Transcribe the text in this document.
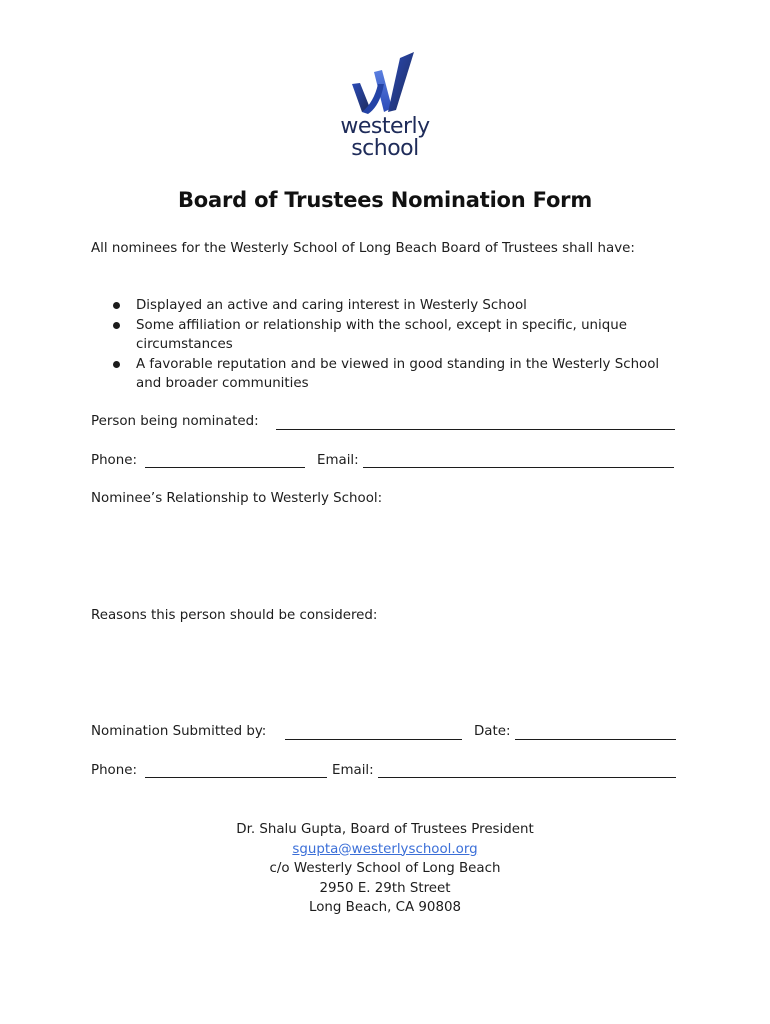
westerly
school
Board of Trustees Nomination Form
All nominees for the Westerly School of Long Beach Board of Trustees shall have:
Displayed an active and caring interest in Westerly School
Some affiliation or relationship with the school, except in specific, unique circumstances
A favorable reputation and be viewed in good standing in the Westerly School and broader communities
Person being nominated:
Phone:	Email:
Nominee’s Relationship to Westerly School:
Reasons this person should be considered:
Nomination Submitted by:	Date:
Phone:	Email:
Dr. Shalu Gupta, Board of Trustees President
sgupta@westerlyschool.org
c/o Westerly School of Long Beach
2950 E. 29th Street
Long Beach, CA 90808
